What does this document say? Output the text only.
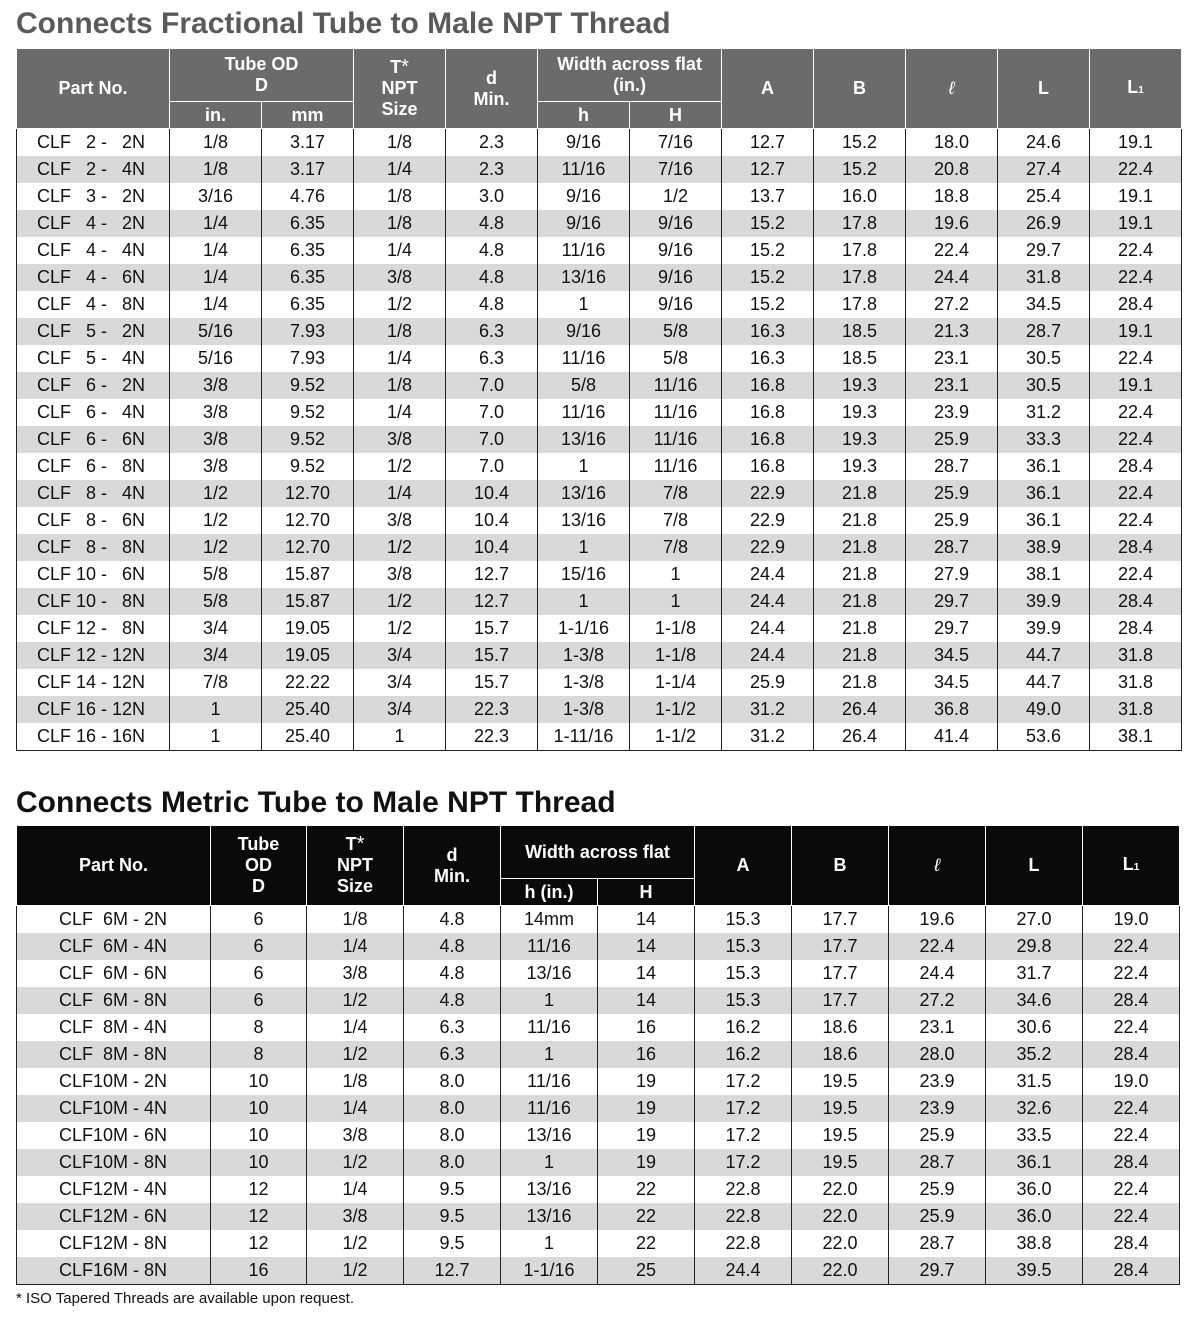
Connects Fractional Tube to Male NPT Thread
Part No.	Tube OD
D		T*
NPT
Size	d
Min.	Width across flat
(in.)		A	B	ℓ	L	L1
	in.	mm			h	H					
CLF   2 -   2N	1/8	3.17	1/8	2.3	9/16	7/16	12.7	15.2	18.0	24.6	19.1
CLF   2 -   4N	1/8	3.17	1/4	2.3	11/16	7/16	12.7	15.2	20.8	27.4	22.4
CLF   3 -   2N	3/16	4.76	1/8	3.0	9/16	1/2	13.7	16.0	18.8	25.4	19.1
CLF   4 -   2N	1/4	6.35	1/8	4.8	9/16	9/16	15.2	17.8	19.6	26.9	19.1
CLF   4 -   4N	1/4	6.35	1/4	4.8	11/16	9/16	15.2	17.8	22.4	29.7	22.4
CLF   4 -   6N	1/4	6.35	3/8	4.8	13/16	9/16	15.2	17.8	24.4	31.8	22.4
CLF   4 -   8N	1/4	6.35	1/2	4.8	1	9/16	15.2	17.8	27.2	34.5	28.4
CLF   5 -   2N	5/16	7.93	1/8	6.3	9/16	5/8	16.3	18.5	21.3	28.7	19.1
CLF   5 -   4N	5/16	7.93	1/4	6.3	11/16	5/8	16.3	18.5	23.1	30.5	22.4
CLF   6 -   2N	3/8	9.52	1/8	7.0	5/8	11/16	16.8	19.3	23.1	30.5	19.1
CLF   6 -   4N	3/8	9.52	1/4	7.0	11/16	11/16	16.8	19.3	23.9	31.2	22.4
CLF   6 -   6N	3/8	9.52	3/8	7.0	13/16	11/16	16.8	19.3	25.9	33.3	22.4
CLF   6 -   8N	3/8	9.52	1/2	7.0	1	11/16	16.8	19.3	28.7	36.1	28.4
CLF   8 -   4N	1/2	12.70	1/4	10.4	13/16	7/8	22.9	21.8	25.9	36.1	22.4
CLF   8 -   6N	1/2	12.70	3/8	10.4	13/16	7/8	22.9	21.8	25.9	36.1	22.4
CLF   8 -   8N	1/2	12.70	1/2	10.4	1	7/8	22.9	21.8	28.7	38.9	28.4
CLF 10 -   6N	5/8	15.87	3/8	12.7	15/16	1	24.4	21.8	27.9	38.1	22.4
CLF 10 -   8N	5/8	15.87	1/2	12.7	1	1	24.4	21.8	29.7	39.9	28.4
CLF 12 -   8N	3/4	19.05	1/2	15.7	1-1/16	1-1/8	24.4	21.8	29.7	39.9	28.4
CLF 12 - 12N	3/4	19.05	3/4	15.7	1-3/8	1-1/8	24.4	21.8	34.5	44.7	31.8
CLF 14 - 12N	7/8	22.22	3/4	15.7	1-3/8	1-1/4	25.9	21.8	34.5	44.7	31.8
CLF 16 - 12N	1	25.40	3/4	22.3	1-3/8	1-1/2	31.2	26.4	36.8	49.0	31.8
CLF 16 - 16N	1	25.40	1	22.3	1-11/16	1-1/2	31.2	26.4	41.4	53.6	38.1
Connects Metric Tube to Male NPT Thread
Part No.	Tube
OD
D	T*
NPT
Size	d
Min.	Width across flat		A	B	ℓ	L	L1
				h (in.)	H					
CLF  6M - 2N	6	1/8	4.8	14mm	14	15.3	17.7	19.6	27.0	19.0
CLF  6M - 4N	6	1/4	4.8	11/16	14	15.3	17.7	22.4	29.8	22.4
CLF  6M - 6N	6	3/8	4.8	13/16	14	15.3	17.7	24.4	31.7	22.4
CLF  6M - 8N	6	1/2	4.8	1	14	15.3	17.7	27.2	34.6	28.4
CLF  8M - 4N	8	1/4	6.3	11/16	16	16.2	18.6	23.1	30.6	22.4
CLF  8M - 8N	8	1/2	6.3	1	16	16.2	18.6	28.0	35.2	28.4
CLF10M - 2N	10	1/8	8.0	11/16	19	17.2	19.5	23.9	31.5	19.0
CLF10M - 4N	10	1/4	8.0	11/16	19	17.2	19.5	23.9	32.6	22.4
CLF10M - 6N	10	3/8	8.0	13/16	19	17.2	19.5	25.9	33.5	22.4
CLF10M - 8N	10	1/2	8.0	1	19	17.2	19.5	28.7	36.1	28.4
CLF12M - 4N	12	1/4	9.5	13/16	22	22.8	22.0	25.9	36.0	22.4
CLF12M - 6N	12	3/8	9.5	13/16	22	22.8	22.0	25.9	36.0	22.4
CLF12M - 8N	12	1/2	9.5	1	22	22.8	22.0	28.7	38.8	28.4
CLF16M - 8N	16	1/2	12.7	1-1/16	25	24.4	22.0	29.7	39.5	28.4
* ISO Tapered Threads are available upon request.
